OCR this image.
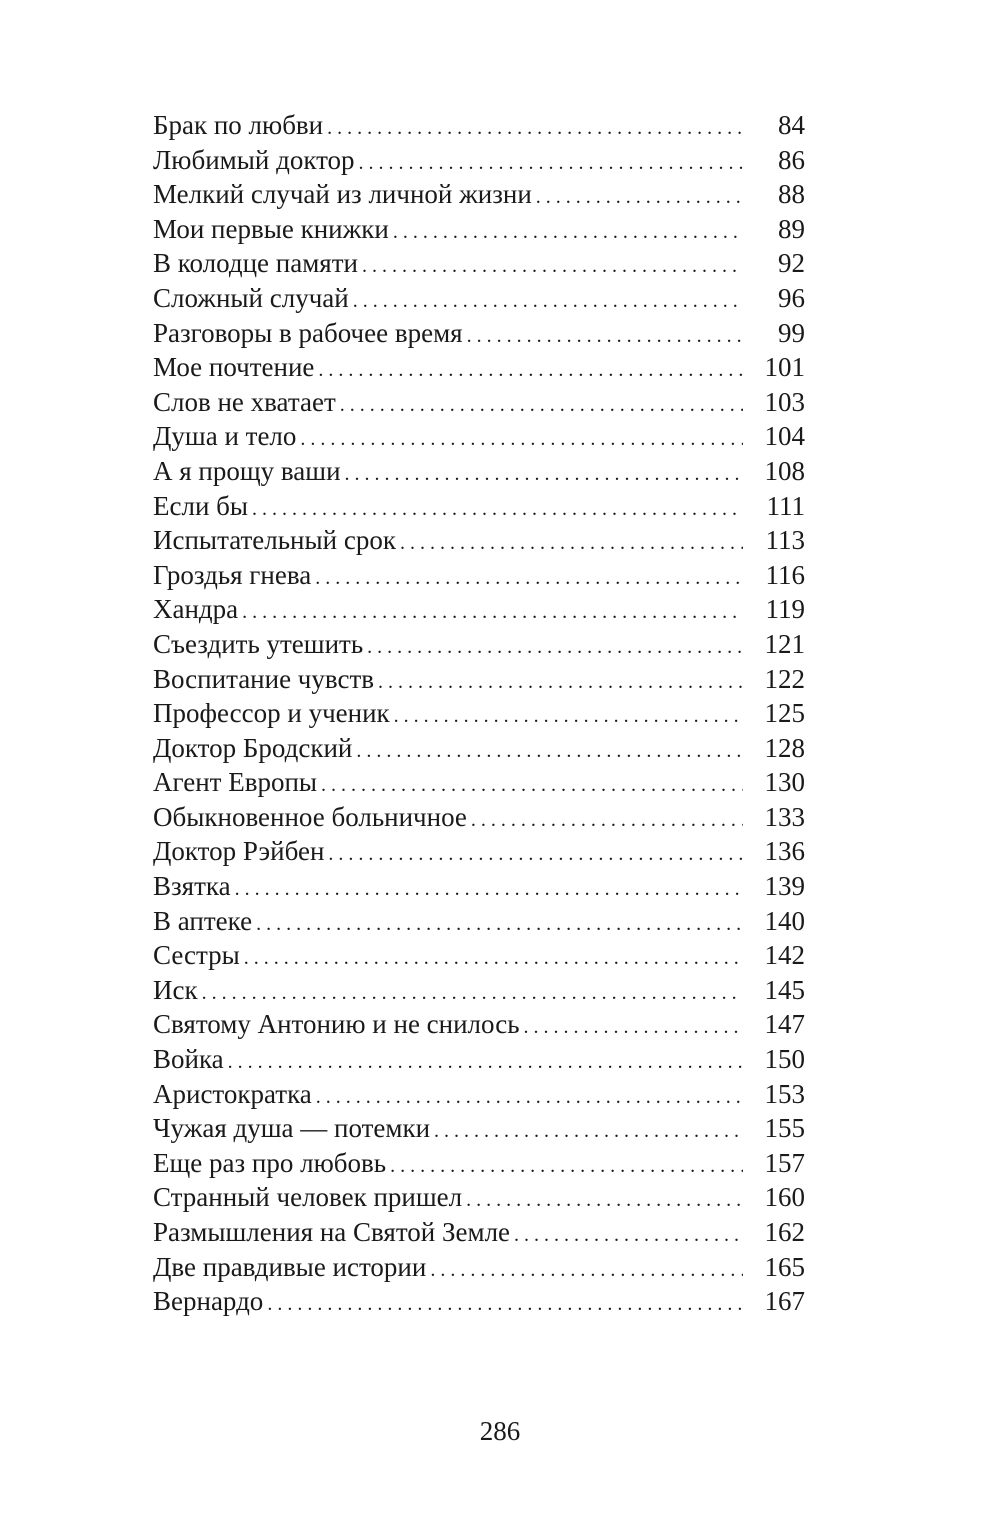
Брак по любви . . .	84
Любимый доктор . . .	86
Мелкий случай из личной жизни . . .	88
Мои первые книжки . . .	89
В колодце памяти . . .	92
Сложный случай . . .	96
Разговоры в рабочее время . . .	99
Мое почтение . . .	101
Слов не хватает . . .	103
Душа и тело . . .	104
А я прощу ваши . . .	108
Если бы . . .	111
Испытательный срок . . .	113
Гроздья гнева . . .	116
Хандра . . .	119
Съездить утешить . . .	121
Воспитание чувств . . .	122
Профессор и ученик . . .	125
Доктор Бродский . . .	128
Агент Европы . . .	130
Обыкновенное больничное . . .	133
Доктор Рэйбен . . .	136
Взятка . . .	139
В аптеке . . .	140
Сестры . . .	142
Иск . . .	145
Святому Антонию и не снилось . . .	147
Войка . . .	150
Аристократка . . .	153
Чужая душа — потемки . . .	155
Еще раз про любовь . . .	157
Странный человек пришел . . .	160
Размышления на Святой Земле . . .	162
Две правдивые истории . . .	165
Вернардо . . .	167
286
